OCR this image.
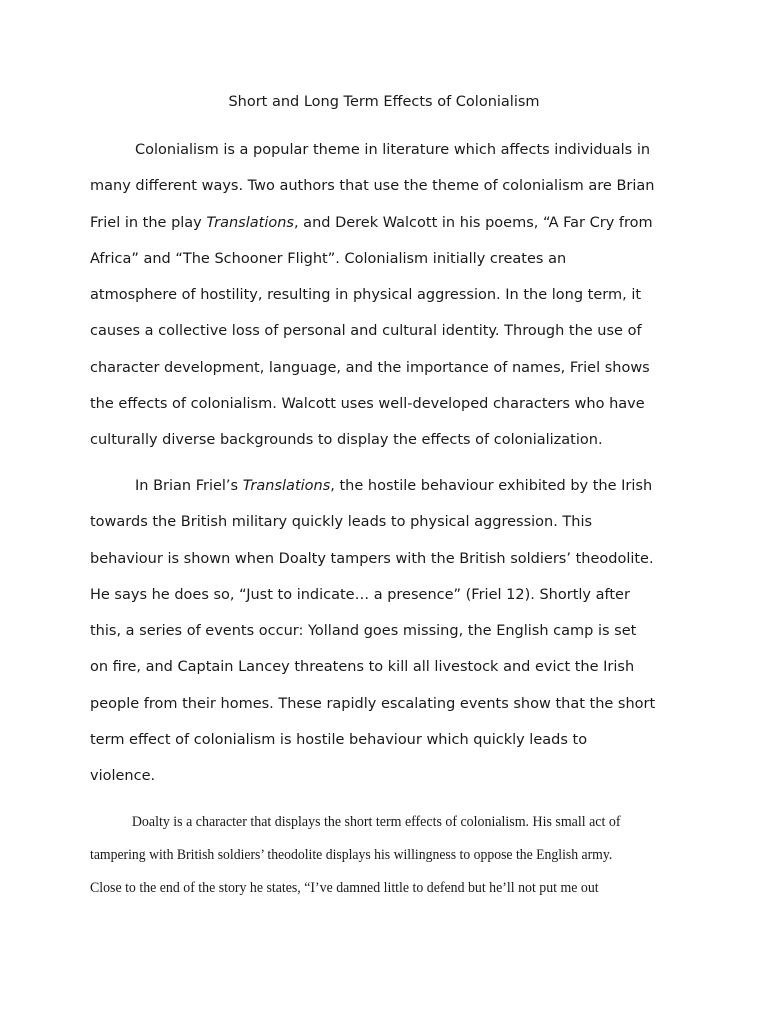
Short and Long Term Effects of Colonialism
Colonialism is a popular theme in literature which affects individuals in
many different ways. Two authors that use the theme of colonialism are Brian
Friel in the play Translations, and Derek Walcott in his poems, “A Far Cry from
Africa” and “The Schooner Flight”. Colonialism initially creates an
atmosphere of hostility, resulting in physical aggression. In the long term, it
causes a collective loss of personal and cultural identity. Through the use of
character development, language, and the importance of names, Friel shows
the effects of colonialism. Walcott uses well-developed characters who have
culturally diverse backgrounds to display the effects of colonialization.
In Brian Friel’s Translations, the hostile behaviour exhibited by the Irish
towards the British military quickly leads to physical aggression. This
behaviour is shown when Doalty tampers with the British soldiers’ theodolite.
He says he does so, “Just to indicate… a presence” (Friel 12). Shortly after
this, a series of events occur: Yolland goes missing, the English camp is set
on fire, and Captain Lancey threatens to kill all livestock and evict the Irish
people from their homes. These rapidly escalating events show that the short
term effect of colonialism is hostile behaviour which quickly leads to
violence.
Doalty is a character that displays the short term effects of colonialism. His small act of
tampering with British soldiers’ theodolite displays his willingness to oppose the English army.
Close to the end of the story he states, “I’ve damned little to defend but he’ll not put me out
